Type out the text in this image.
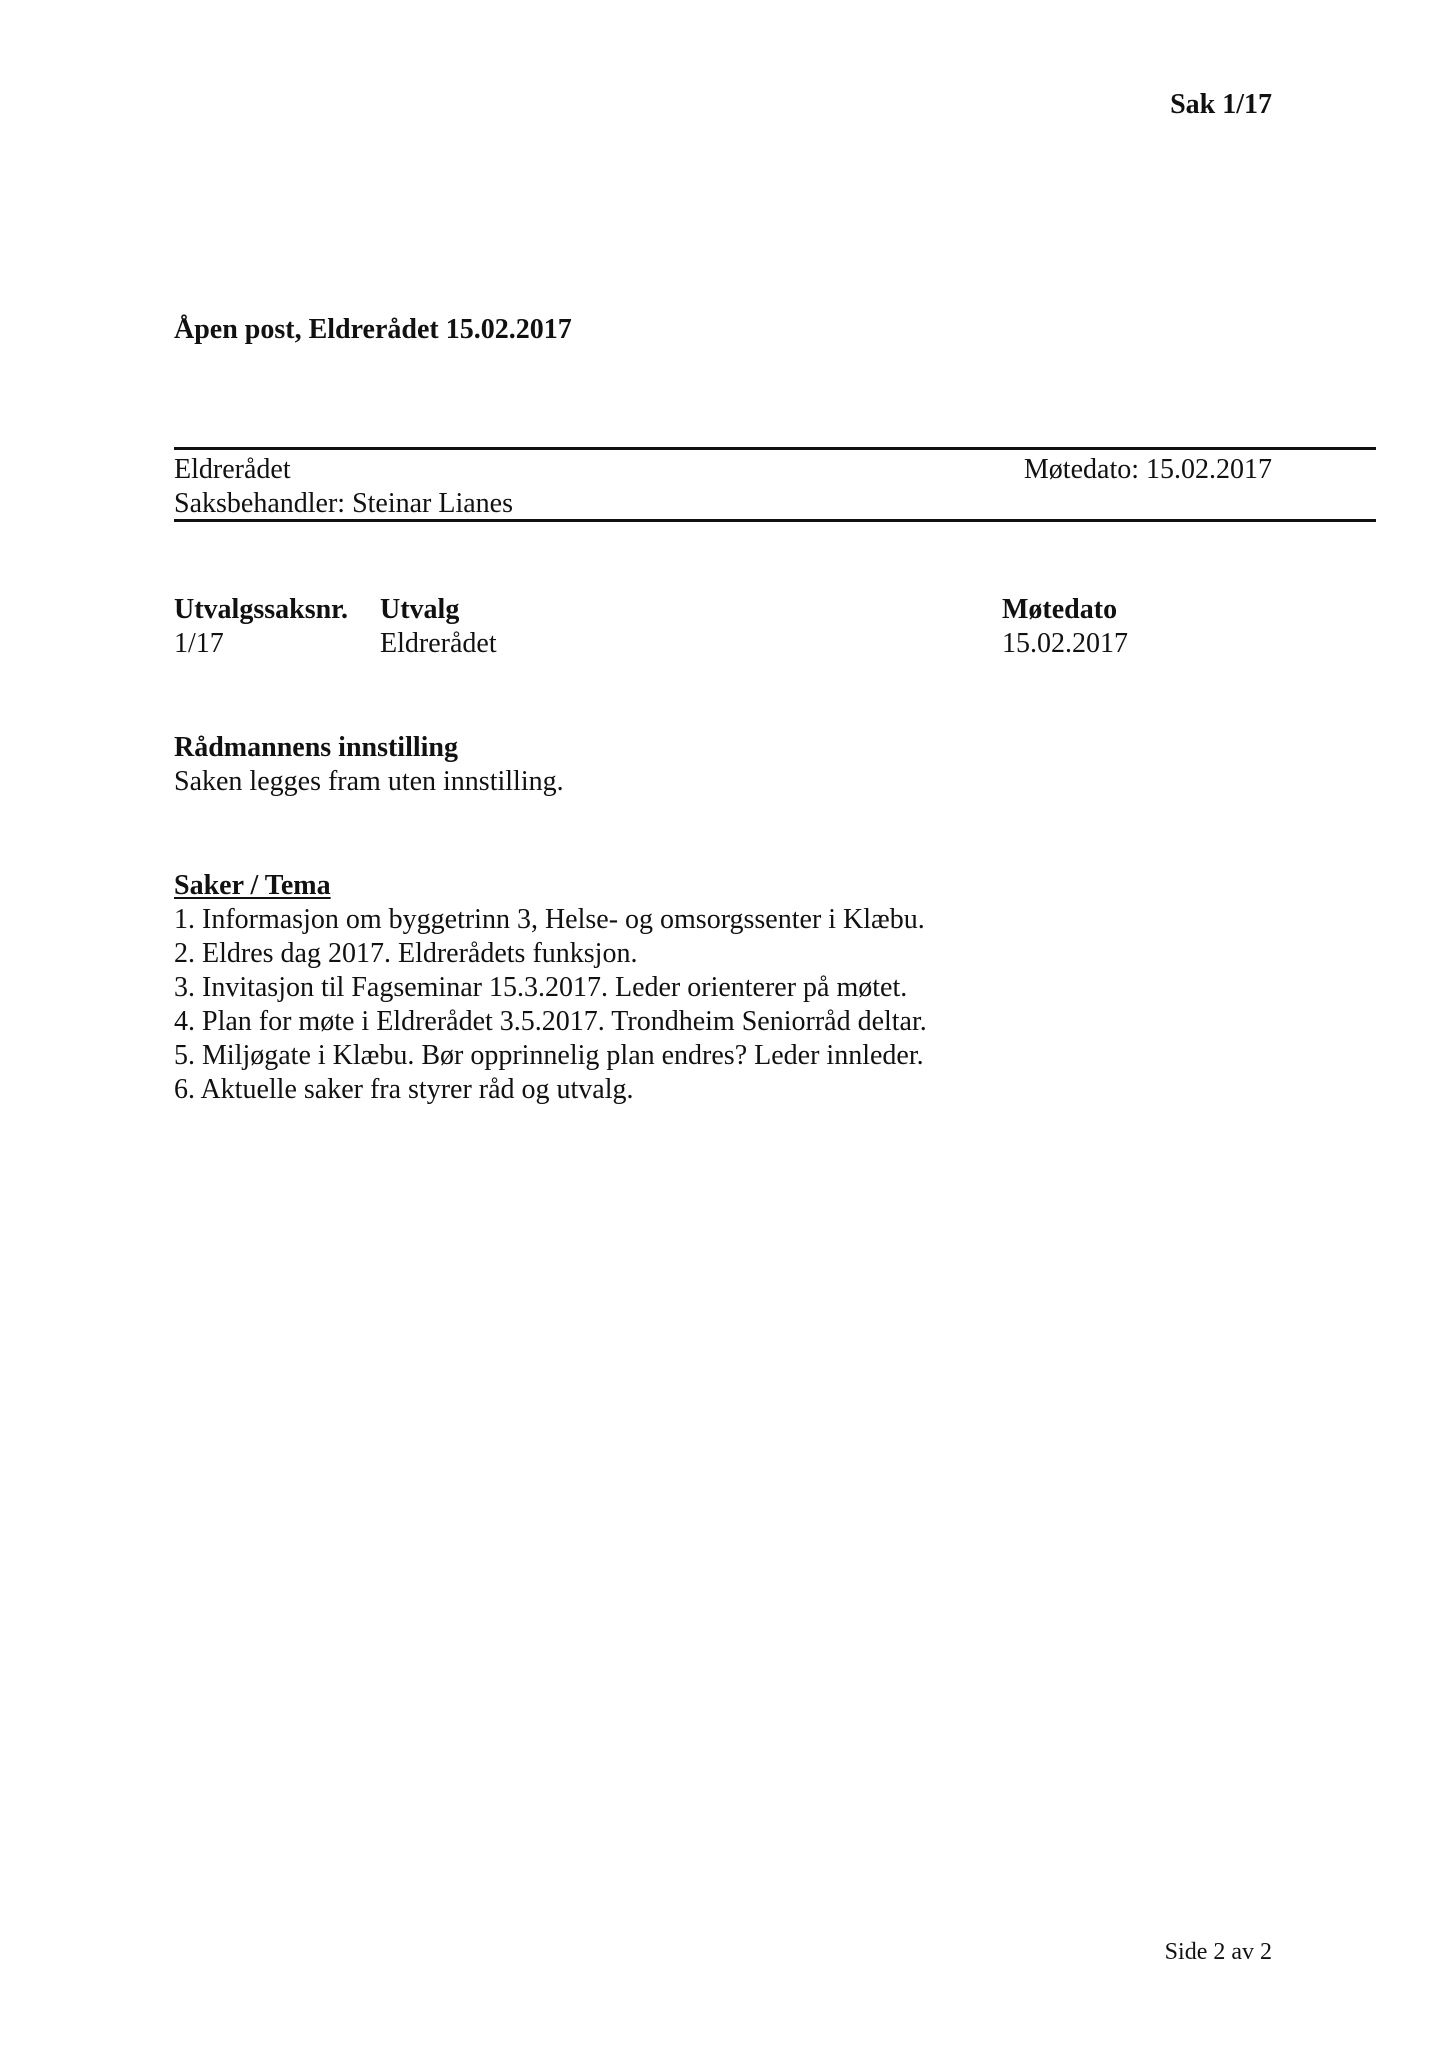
Sak 1/17
Åpen post, Eldrerådet 15.02.2017
Eldrerådet	Møtedato: 15.02.2017
Saksbehandler: Steinar Lianes
Utvalgssaksnr. Utvalg	Møtedato
1/17	Eldrerådet	15.02.2017
Rådmannens innstilling
Saken legges fram uten innstilling.
Saker / Tema
1. Informasjon om byggetrinn 3, Helse- og omsorgssenter i Klæbu.
2. Eldres dag 2017. Eldrerådets funksjon.
3. Invitasjon til Fagseminar 15.3.2017. Leder orienterer på møtet.
4. Plan for møte i Eldrerådet 3.5.2017. Trondheim Seniorråd deltar.
5. Miljøgate i Klæbu. Bør opprinnelig plan endres? Leder innleder.
6. Aktuelle saker fra styrer råd og utvalg.
Side 2 av 2
